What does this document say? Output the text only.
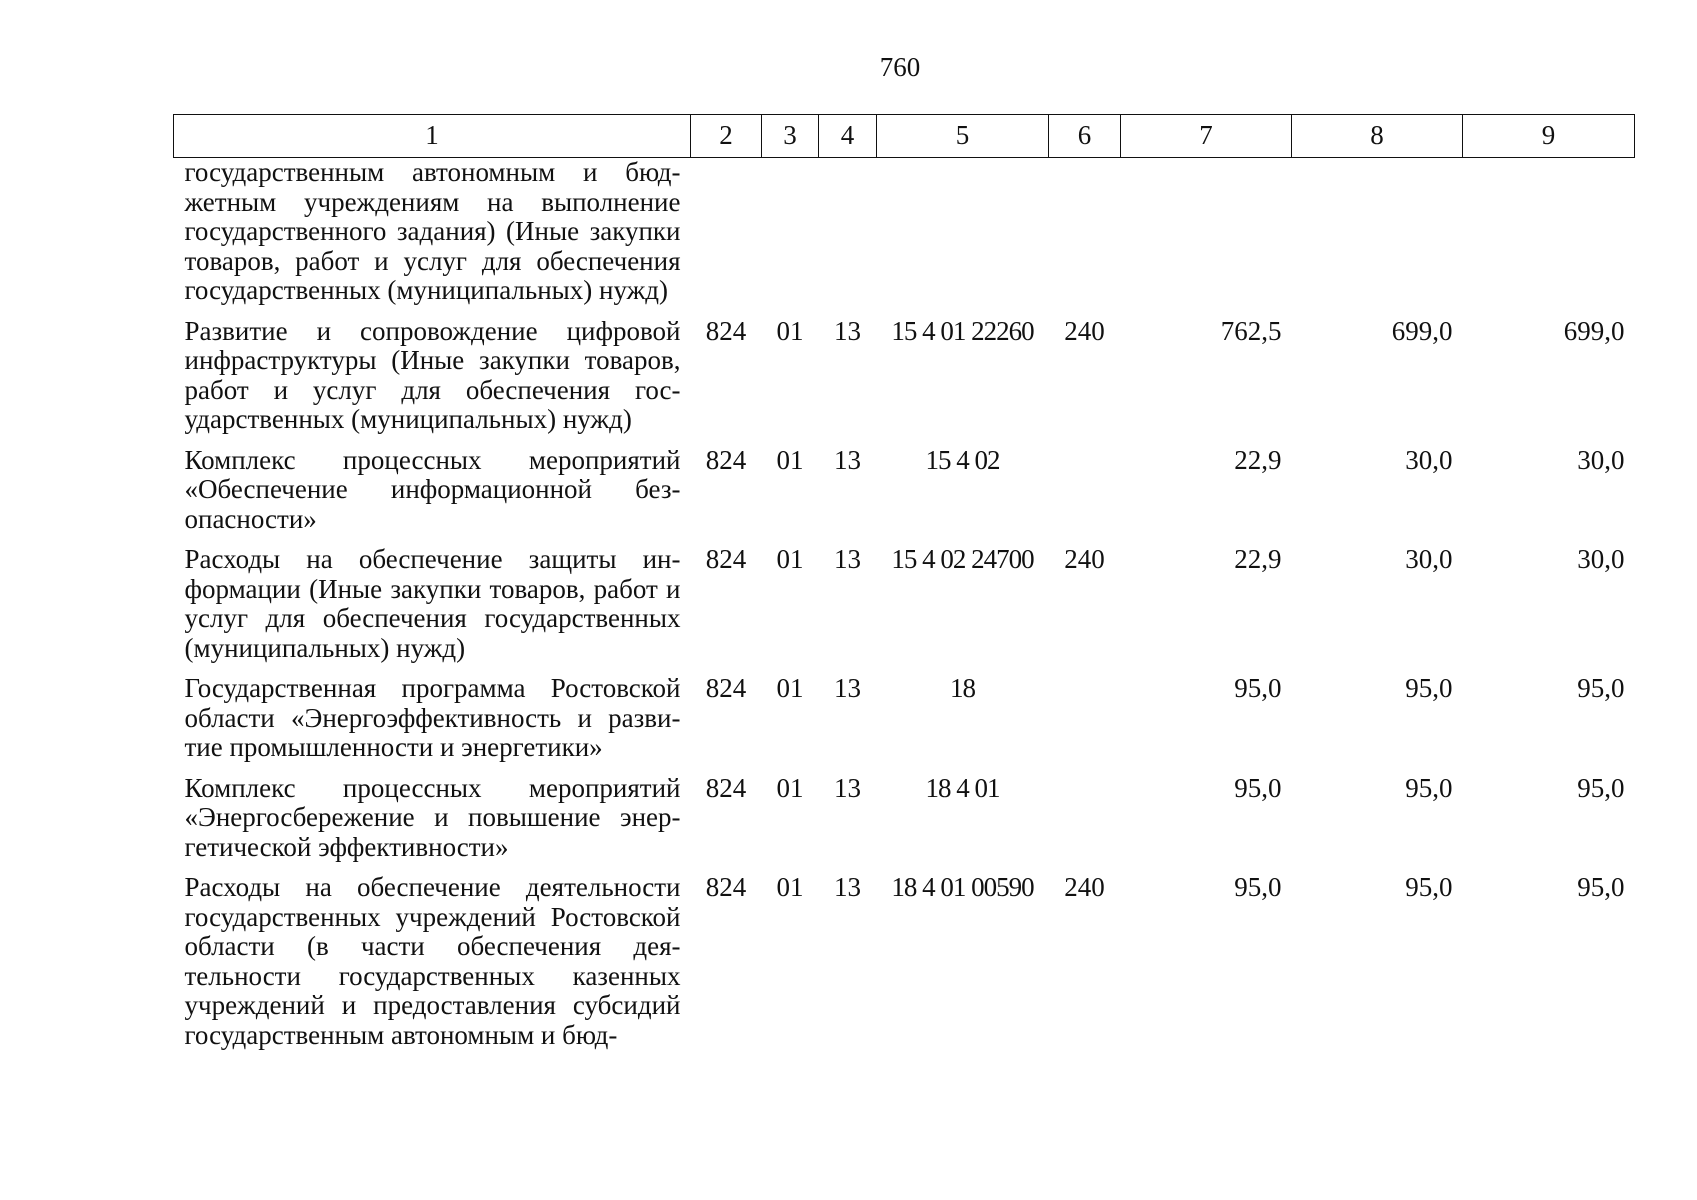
760
1	2	3	4	5	6	7	8	9
государственным автономным и бюджетным учреждениям на выполнение государственного задания) (Иные закупки товаров, работ и услуг для обеспечения государственных (муниципальных) нужд)								
Развитие и сопровождение цифровой инфраструктуры (Иные закупки товаров, работ и услуг для обеспечения государственных (муниципальных) нужд)	824	01	13	15 4 01 22260	240	762,5	699,0	699,0
Комплекс процессных мероприятий «Обеспечение информационной безопасности»	824	01	13	15 4 02		22,9	30,0	30,0
Расходы на обеспечение защиты информации (Иные закупки товаров, работ и услуг для обеспечения государственных (муниципальных) нужд)	824	01	13	15 4 02 24700	240	22,9	30,0	30,0
Государственная программа Ростовской области «Энергоэффективность и развитие промышленности и энергетики»	824	01	13	18		95,0	95,0	95,0
Комплекс процессных мероприятий «Энергосбережение и повышение энергетической эффективности»	824	01	13	18 4 01		95,0	95,0	95,0
Расходы на обеспечение деятельности государственных учреждений Ростовской области (в части обеспечения деятельности государственных казенных учреждений и предоставления субсидий государственным автономным и бюд-	824	01	13	18 4 01 00590	240	95,0	95,0	95,0
